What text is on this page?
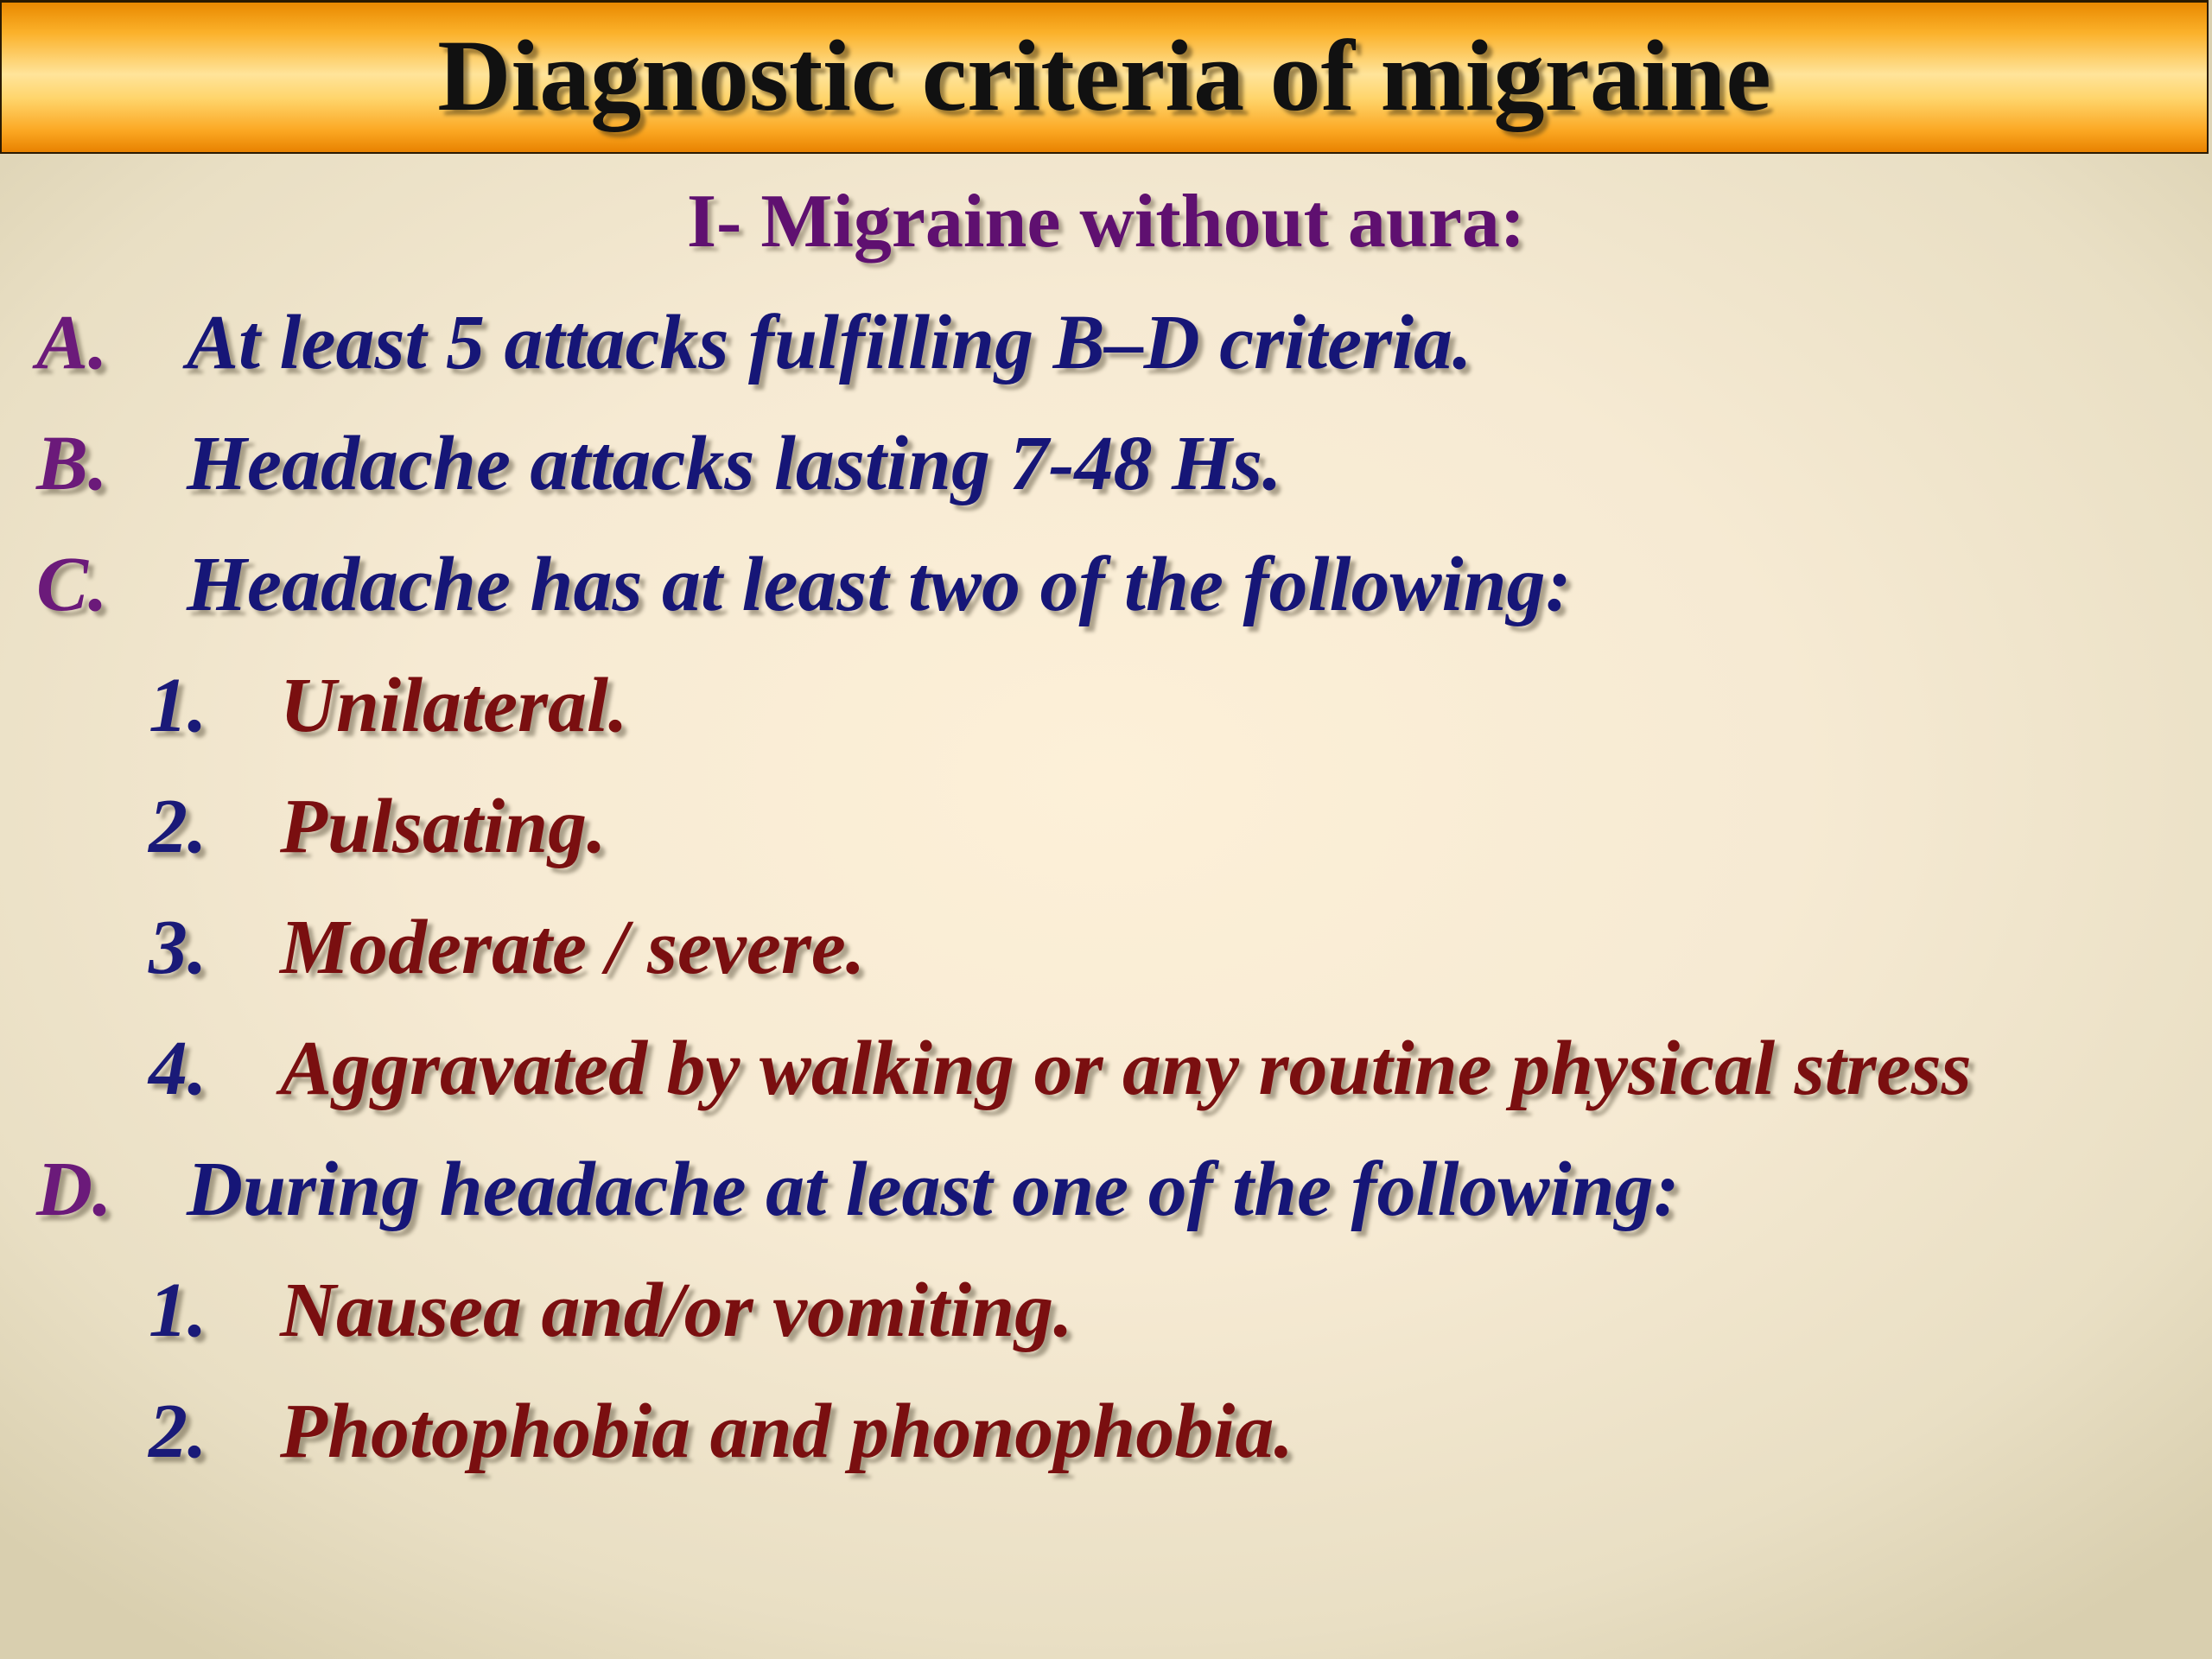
Diagnostic criteria of migraine
I- Migraine without aura:
A. At least 5 attacks fulfilling B–D criteria.
B. Headache attacks lasting 7-48 Hs.
C. Headache has at least two of the following:
1. Unilateral.
2. Pulsating.
3. Moderate / severe.
4. Aggravated by walking or any routine physical stress
D. During headache at least one of the following:
1. Nausea and/or vomiting.
2. Photophobia and phonophobia.
